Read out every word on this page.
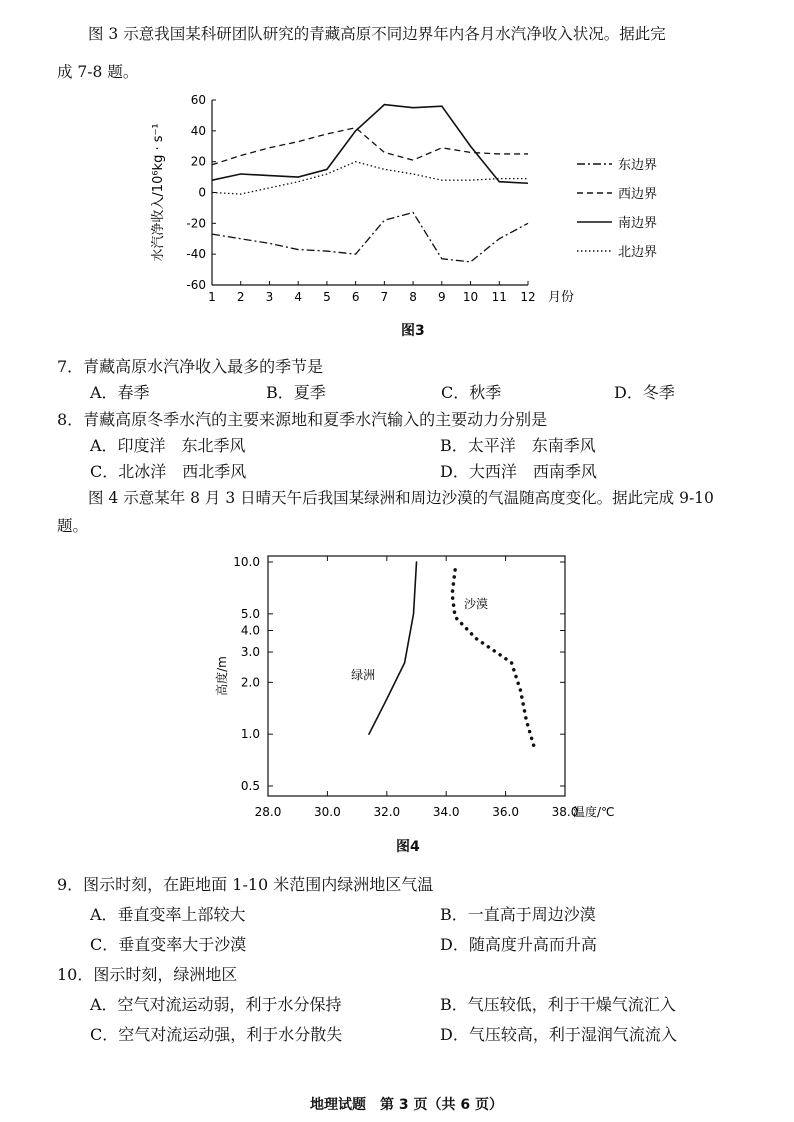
图 3 示意我国某科研团队研究的青藏高原不同边界年内各月水汽净收入状况。据此完
成 7-8 题。
60
40
20
0
-20
-40
-60
1 2 3 4 5 6 7 8 9 10 11 12 月份
水汽净收入/10⁶kg · s⁻¹	东边界
西边界
南边界
北边界
图3
7．青藏高原水汽净收入最多的季节是
A．春季	B．夏季	C．秋季	D．冬季
8．青藏高原冬季水汽的主要来源地和夏季水汽输入的主要动力分别是
A．印度洋　东北季风	B．太平洋　东南季风
C．北冰洋　西北季风	D．大西洋　西南季风
图 4 示意某年 8 月 3 日晴天午后我国某绿洲和周边沙漠的气温随高度变化。据此完成 9-10
题。
10.0
5.0
4.0
3.0
2.0
1.0
0.5
28.0	30.0	32.0	34.0	36.0	38.0
温度/℃
高度/m	绿洲
沙漠
图4
9．图示时刻，在距地面 1-10 米范围内绿洲地区气温
A．垂直变率上部较大	B．一直高于周边沙漠
C．垂直变率大于沙漠	D．随高度升高而升高
10．图示时刻，绿洲地区
A．空气对流运动弱，利于水分保持	B．气压较低，利于干燥气流汇入
C．空气对流运动强，利于水分散失	D．气压较高，利于湿润气流流入
地理试题　第 3 页（共 6 页）
